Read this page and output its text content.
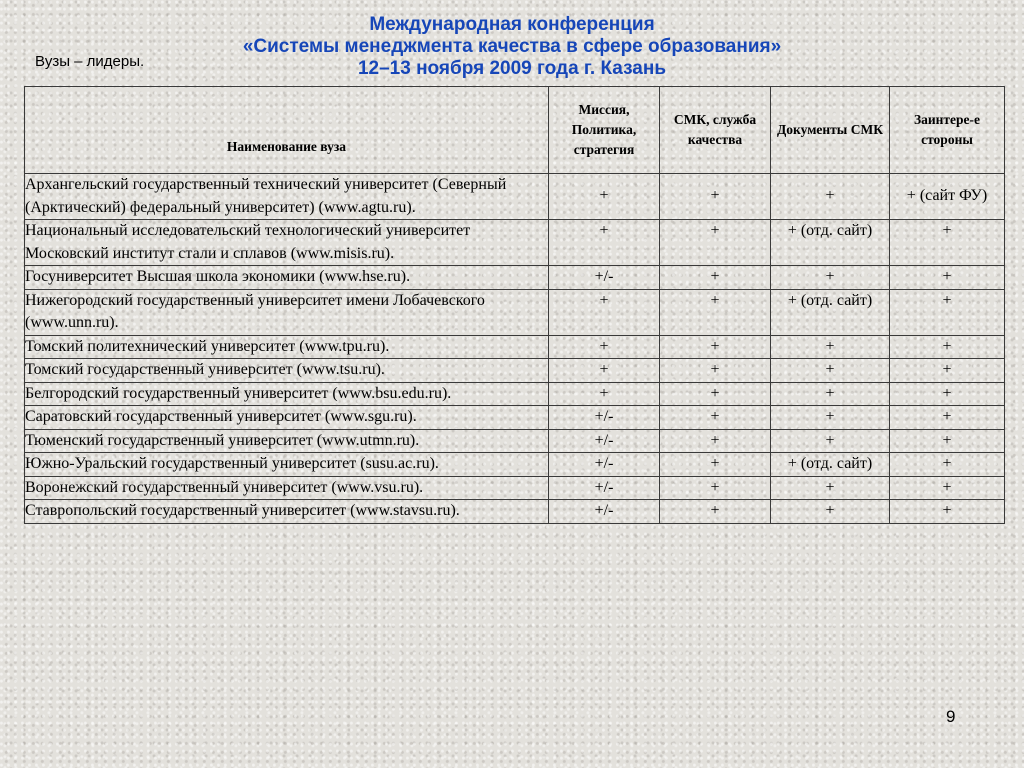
Международная конференция
«Системы менеджмента качества в сфере образования»
12–13 ноября 2009 года г. Казань
Вузы – лидеры.
Наименование вуза	Миссия, Политика, стратегия	СМК, служба качества	Документы СМК	Заинтере-е стороны
Архангельский государственный технический университет (Северный (Арктический) федеральный университет) (www.agtu.ru).	+	+	+	+ (сайт ФУ)
Национальный исследовательский технологический университет Московский институт стали и сплавов (www.misis.ru).	+	+	+ (отд. сайт)	+
Госуниверситет Высшая школа экономики (www.hse.ru).	+/-	+	+	+
Нижегородский государственный университет имени Лобачевского (www.unn.ru).	+	+	+ (отд. сайт)	+
Томский политехнический университет (www.tpu.ru).	+	+	+	+
Томский государственный университет (www.tsu.ru).	+	+	+	+
Белгородский государственный университет (www.bsu.edu.ru).	+	+	+	+
Саратовский государственный университет (www.sgu.ru).	+/-	+	+	+
Тюменский государственный университет (www.utmn.ru).	+/-	+	+	+
Южно-Уральский государственный университет (susu.ac.ru).	+/-	+	+ (отд. сайт)	+
Воронежский государственный университет (www.vsu.ru).	+/-	+	+	+
Ставропольский государственный университет (www.stavsu.ru).	+/-	+	+	+
9
